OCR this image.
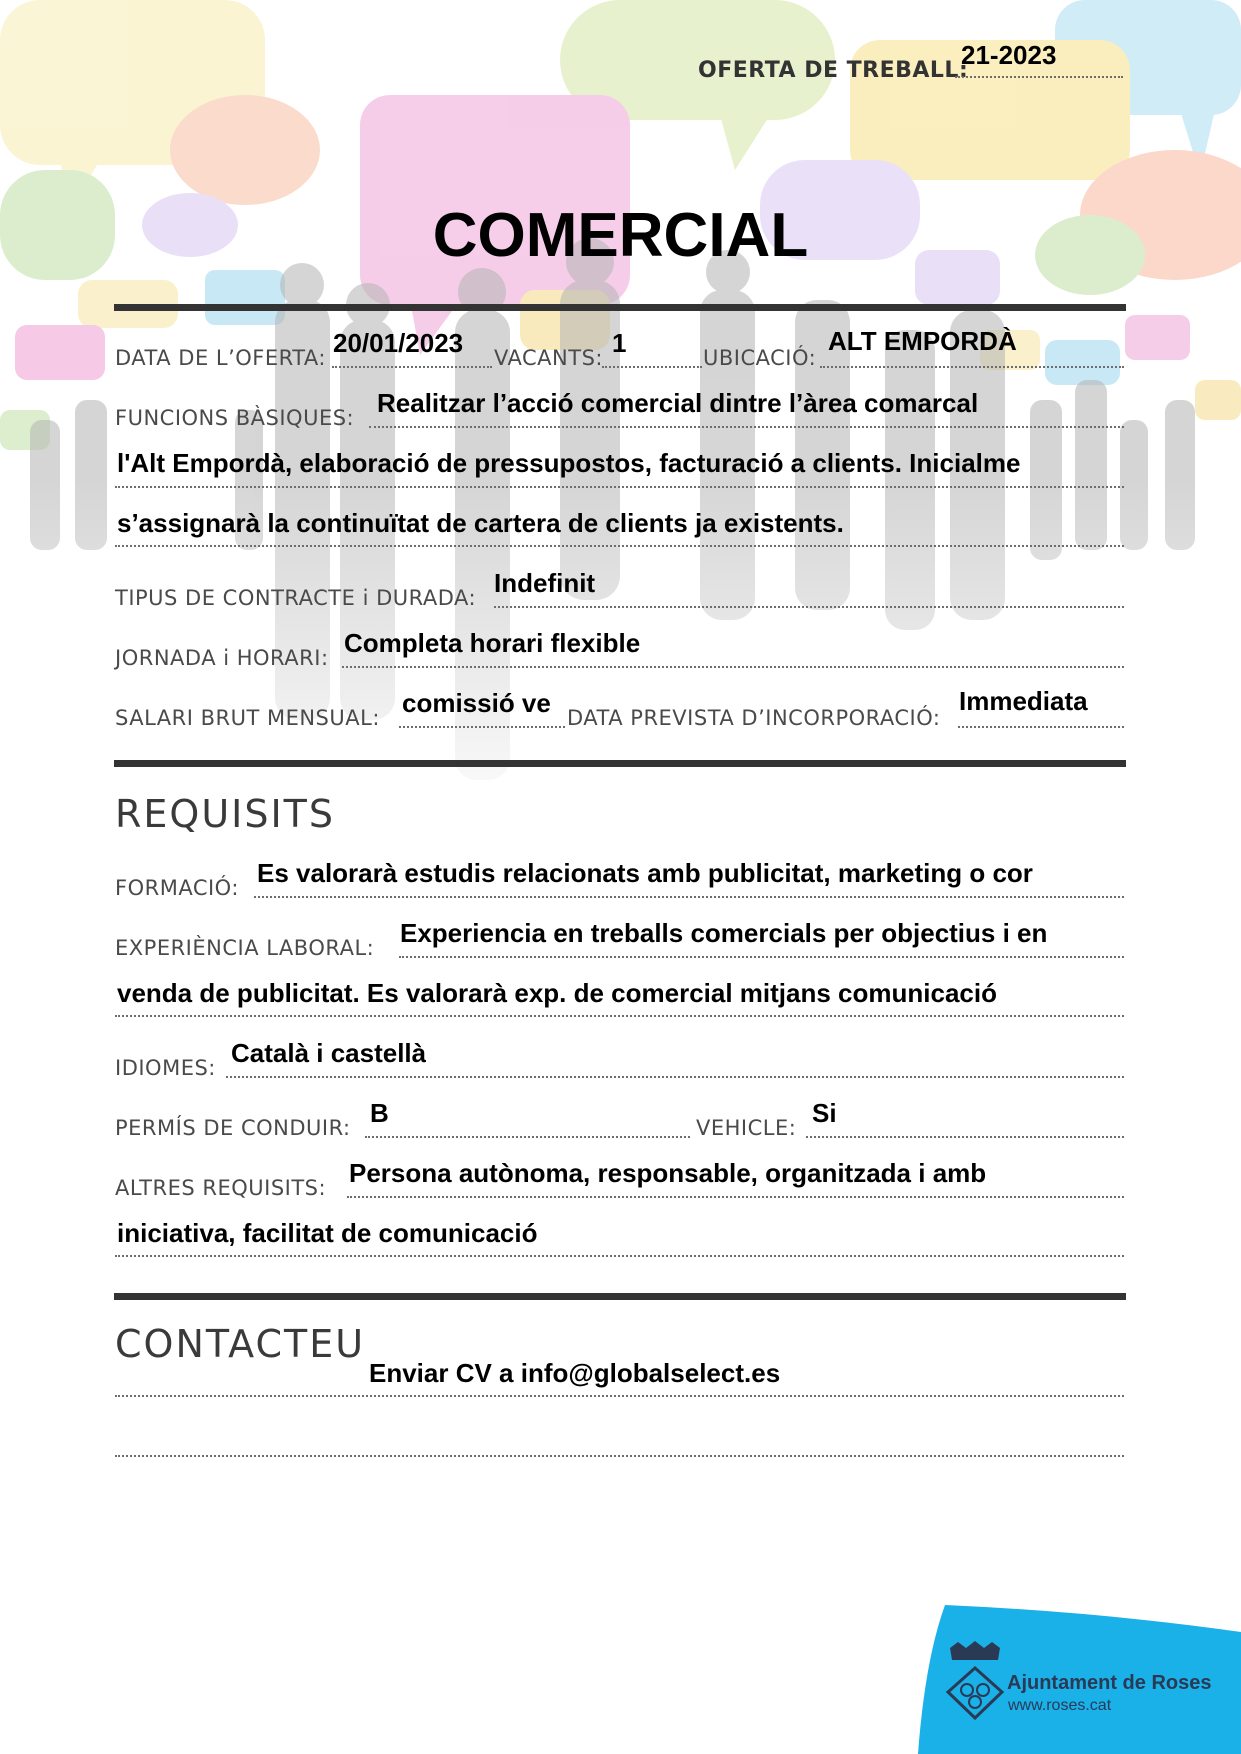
OFERTA DE TREBALL:
21-2023
COMERCIAL
DATA DE L’OFERTA: 20/01/2023 VACANTS: 1	UBICACIÓ:
ALT EMPORDÀ
FUNCIONS BÀSIQUES: Realitzar l’acció comercial dintre l’àrea comarcal
l'Alt Empordà, elaboració de pressupostos, facturació a clients. Inicialme
s’assignarà la continuïtat de cartera de clients ja existents.
TIPUS DE CONTRACTE i DURADA: Indefinit
JORNADA i HORARI: Completa horari flexible
SALARI BRUT MENSUAL: comissió ve DATA PREVISTA D’INCORPORACIÓ:
Immediata
REQUISITS
FORMACIÓ: Es valorarà estudis relacionats amb publicitat, marketing o cor
EXPERIÈNCIA LABORAL: Experiencia en treballs comercials per objectius i en
venda de publicitat. Es valorarà exp. de comercial mitjans comunicació
IDIOMES: Català i castellà
PERMÍS DE CONDUIR: B	VEHICLE: Si
ALTRES REQUISITS: Persona autònoma, responsable, organitzada i amb
iniciativa, facilitat de comunicació
CONTACTEU
Enviar CV a info@globalselect.es
Ajuntament de Roses
www.roses.cat
